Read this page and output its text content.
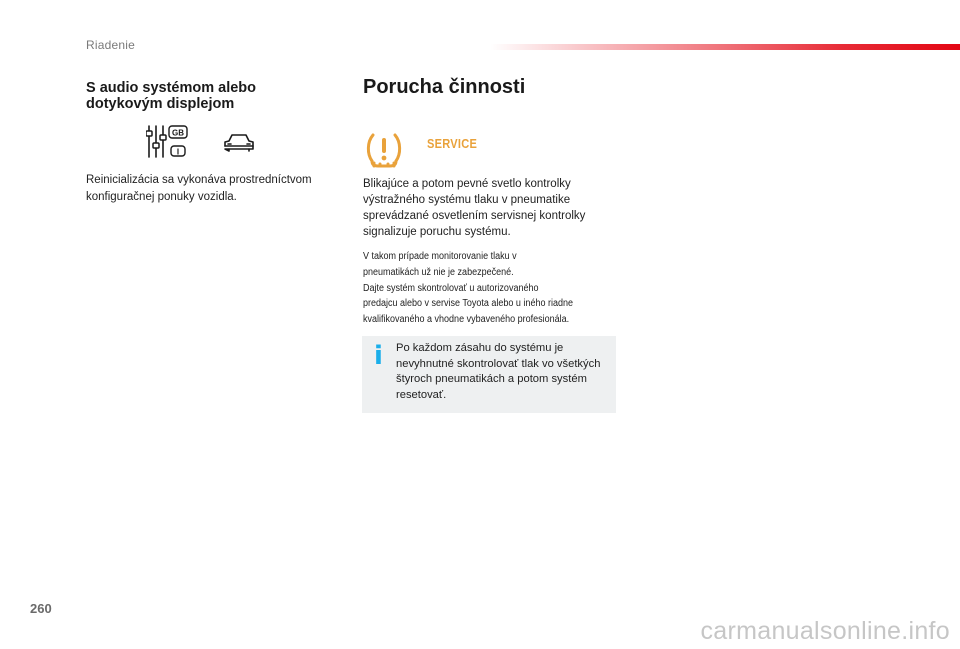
Riadenie
S audio systémom alebo
dotykovým displejom
GB
I
Reinicializácia sa vykonáva prostredníctvom konfiguračnej ponuky vozidla.
Porucha činnosti
SERVICE
Blikajúce a potom pevné svetlo kontrolky výstražného systému tlaku v pneumatike sprevádzané osvetlením servisnej kontrolky signalizuje poruchu systému.
V takom prípade monitorovanie tlaku v
pneumatikách už nie je zabezpečené.
Dajte systém skontrolovať u autorizovaného
predajcu alebo v servise Toyota alebo u iného riadne
kvalifikovaného a vhodne vybaveného profesionála.
i Po každom zásahu do systému je nevyhnutné skontrolovať tlak vo všetkých štyroch pneumatikách a potom systém resetovať.
260
carmanualsonline.info
